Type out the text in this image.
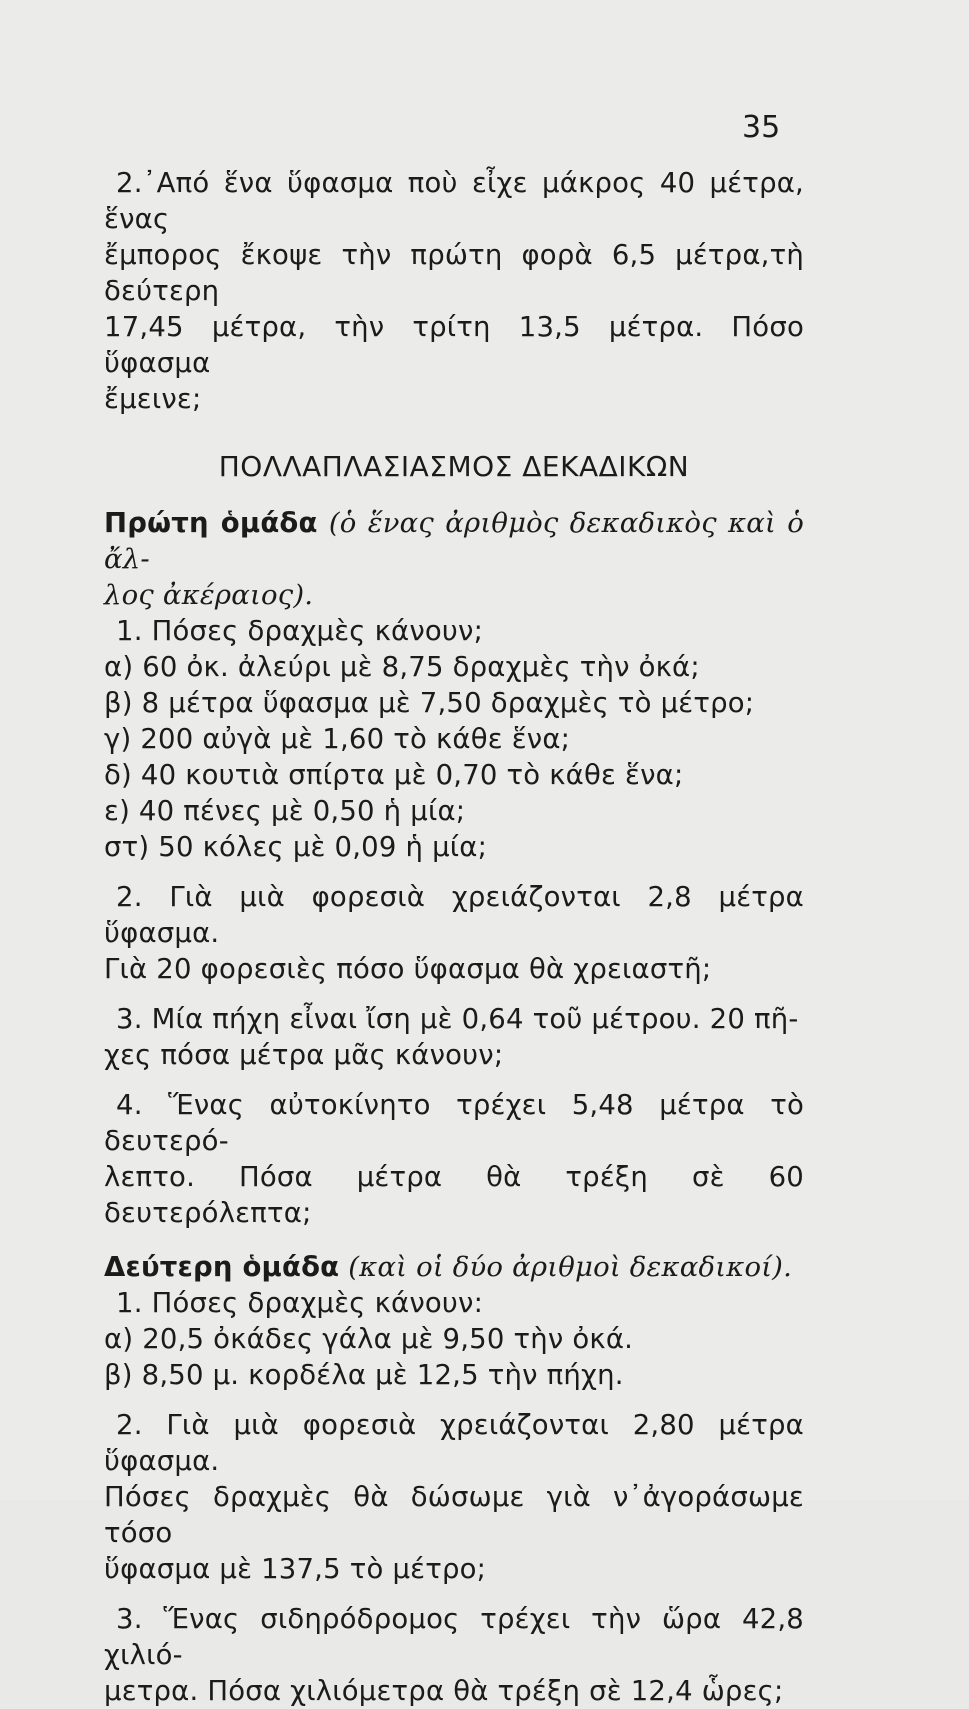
35

2.᾽Από ἕνα ὕφασμα ποὺ εἶχε μάκρος 40 μέτρα, ἕνας

ἔμπορος ἔκοψε τὴν πρώτη φορὰ 6,5 μέτρα,τὴ δεύτερη

17,45 μέτρα, τὴν τρίτη 13,5 μέτρα. Πόσο ὕφασμα

ἔμεινε;

ΠΟΛΛΑΠΛΑΣΙΑΣΜΟΣ ΔΕΚΑΔΙΚΩΝ

Πρώτη ὁμάδα (ὁ ἕνας ἀριθμὸς δεκαδικὸς καὶ ὁ ἄλ-

λος ἀκέραιος).

1. Πόσες δραχμὲς κάνουν;

α) 60 ὀκ. ἀλεύρι μὲ 8,75 δραχμὲς τὴν ὀκά;

β) 8 μέτρα ὕφασμα μὲ 7,50 δραχμὲς τὸ μέτρο;

γ) 200 αὐγὰ μὲ 1,60 τὸ κάθε ἕνα;

δ) 40 κουτιὰ σπίρτα μὲ 0,70 τὸ κάθε ἕνα;

ε) 40 πένες μὲ 0,50 ἡ μία;

στ) 50 κόλες μὲ 0,09 ἡ μία;

2. Γιὰ μιὰ φορεσιὰ χρειάζονται 2,8 μέτρα ὕφασμα.

Γιὰ 20 φορεσιὲς πόσο ὕφασμα θὰ χρειαστῆ;

3. Μία πήχη εἶναι ἴση μὲ 0,64 τοῦ μέτρου. 20 πῆ-

χες πόσα μέτρα μᾶς κάνουν;

4. Ἕνας αὐτοκίνητο τρέχει 5,48 μέτρα τὸ δευτερό-

λεπτο. Πόσα μέτρα θὰ τρέξη σὲ 60 δευτερόλεπτα;

Δεύτερη ὁμάδα (καὶ οἱ δύο ἀριθμοὶ δεκαδικοί).

1. Πόσες δραχμὲς κάνουν:

α) 20,5 ὀκάδες γάλα μὲ 9,50 τὴν ὀκά.

β) 8,50 μ. κορδέλα μὲ 12,5 τὴν πήχη.

2. Γιὰ μιὰ φορεσιὰ χρειάζονται 2,80 μέτρα ὕφασμα.

Πόσες δραχμὲς θὰ δώσωμε γιὰ ν᾽ἀγοράσωμε τόσο

ὕφασμα μὲ 137,5 τὸ μέτρο;

3. Ἕνας σιδηρόδρομος τρέχει τὴν ὥρα 42,8 χιλιό-

μετρα. Πόσα χιλιόμετρα θὰ τρέξη σὲ 12,4 ὧρες;
